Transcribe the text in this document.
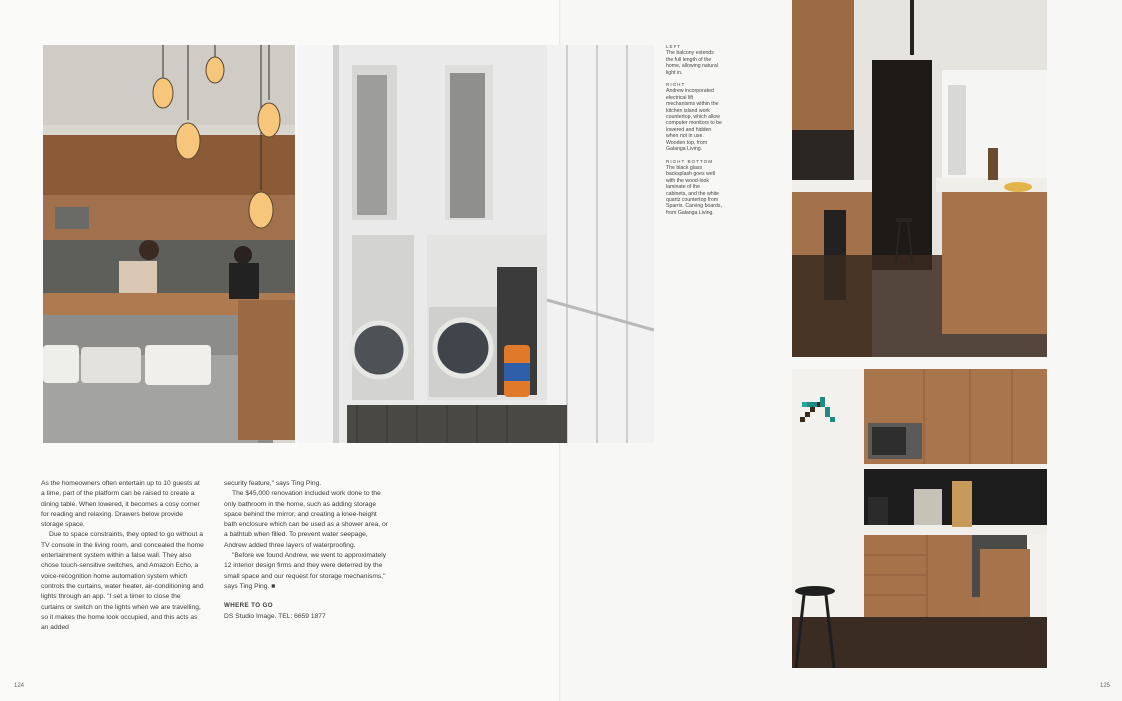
LEFT
The balcony extends the full length of the home, allowing natural light in.
RIGHT
Andrew incorporated electrical lift mechanisms within the kitchen island work countertop, which allow computer monitors to be lowered and hidden when not in use. Wooden top, from Galanga Living.
RIGHT BOTTOM
The black glass backsplash goes well with the wood-look laminate of the cabinets, and the white quartz countertop from Sparrix. Carving boards, from Galanga Living.

As the homeowners often entertain up to 10 guests at a time, part of the platform can be raised to create a dining table. When lowered, it becomes a cosy corner for reading and relaxing. Drawers below provide storage space.

Due to space constraints, they opted to go without a TV console in the living room, and concealed the home entertainment system within a false wall. They also chose touch-sensitive switches, and Amazon Echo, a voice-recognition home automation system which controls the curtains, water heater, air-conditioning and lights through an app. "I set a timer to close the curtains or switch on the lights when we are travelling, so it makes the home look occupied, and this acts as an added

security feature," says Ting Ping.

The $45,000 renovation included work done to the only bathroom in the home, such as adding storage space behind the mirror, and creating a knee-height bath enclosure which can be used as a shower area, or a bathtub when filled. To prevent water seepage, Andrew added three layers of waterproofing.

"Before we found Andrew, we went to approximately 12 interior design firms and they were deterred by the small space and our request for storage mechanisms," says Ting Ping. ■

WHERE TO GO

DS Studio Image. TEL: 6659 1877

124	125
